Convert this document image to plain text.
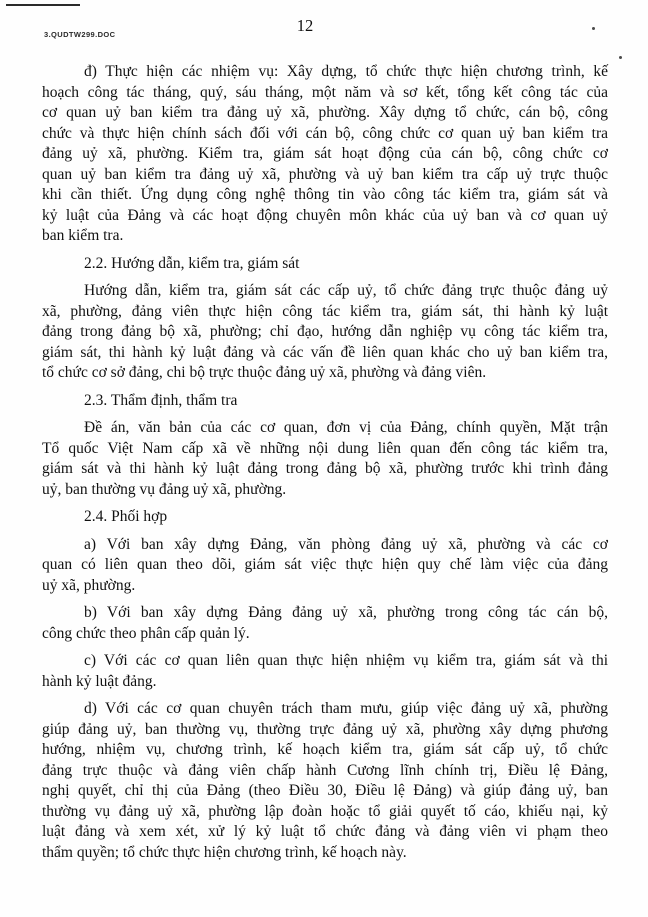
3.QUDTW299.DOC	12
đ) Thực hiện các nhiệm vụ: Xây dựng, tổ chức thực hiện chương trình, kế
hoạch công tác tháng, quý, sáu tháng, một năm và sơ kết, tổng kết công tác của
cơ quan uỷ ban kiểm tra đảng uỷ xã, phường. Xây dựng tổ chức, cán bộ, công
chức và thực hiện chính sách đối với cán bộ, công chức cơ quan uỷ ban kiểm tra
đảng uỷ xã, phường. Kiểm tra, giám sát hoạt động của cán bộ, công chức cơ
quan uỷ ban kiểm tra đảng uỷ xã, phường và uỷ ban kiểm tra cấp uỷ trực thuộc
khi cần thiết. Ứng dụng công nghệ thông tin vào công tác kiểm tra, giám sát và
kỷ luật của Đảng và các hoạt động chuyên môn khác của uỷ ban và cơ quan uỷ
ban kiểm tra.
2.2. Hướng dẫn, kiểm tra, giám sát
Hướng dẫn, kiểm tra, giám sát các cấp uỷ, tổ chức đảng trực thuộc đảng uỷ
xã, phường, đảng viên thực hiện công tác kiểm tra, giám sát, thi hành kỷ luật
đảng trong đảng bộ xã, phường; chỉ đạo, hướng dẫn nghiệp vụ công tác kiểm tra,
giám sát, thi hành kỷ luật đảng và các vấn đề liên quan khác cho uỷ ban kiểm tra,
tổ chức cơ sở đảng, chi bộ trực thuộc đảng uỷ xã, phường và đảng viên.
2.3. Thẩm định, thẩm tra
Đề án, văn bản của các cơ quan, đơn vị của Đảng, chính quyền, Mặt trận
Tổ quốc Việt Nam cấp xã về những nội dung liên quan đến công tác kiểm tra,
giám sát và thi hành kỷ luật đảng trong đảng bộ xã, phường trước khi trình đảng
uỷ, ban thường vụ đảng uỷ xã, phường.
2.4. Phối hợp
a) Với ban xây dựng Đảng, văn phòng đảng uỷ xã, phường và các cơ
quan có liên quan theo dõi, giám sát việc thực hiện quy chế làm việc của đảng
uỷ xã, phường.
b) Với ban xây dựng Đảng đảng uỷ xã, phường trong công tác cán bộ,
công chức theo phân cấp quản lý.
c) Với các cơ quan liên quan thực hiện nhiệm vụ kiểm tra, giám sát và thi
hành kỷ luật đảng.
d) Với các cơ quan chuyên trách tham mưu, giúp việc đảng uỷ xã, phường
giúp đảng uỷ, ban thường vụ, thường trực đảng uỷ xã, phường xây dựng phương
hướng, nhiệm vụ, chương trình, kế hoạch kiểm tra, giám sát cấp uỷ, tổ chức
đảng trực thuộc và đảng viên chấp hành Cương lĩnh chính trị, Điều lệ Đảng,
nghị quyết, chỉ thị của Đảng (theo Điều 30, Điều lệ Đảng) và giúp đảng uỷ, ban
thường vụ đảng uỷ xã, phường lập đoàn hoặc tổ giải quyết tố cáo, khiếu nại, kỷ
luật đảng và xem xét, xử lý kỷ luật tổ chức đảng và đảng viên vi phạm theo
thẩm quyền; tổ chức thực hiện chương trình, kế hoạch này.
